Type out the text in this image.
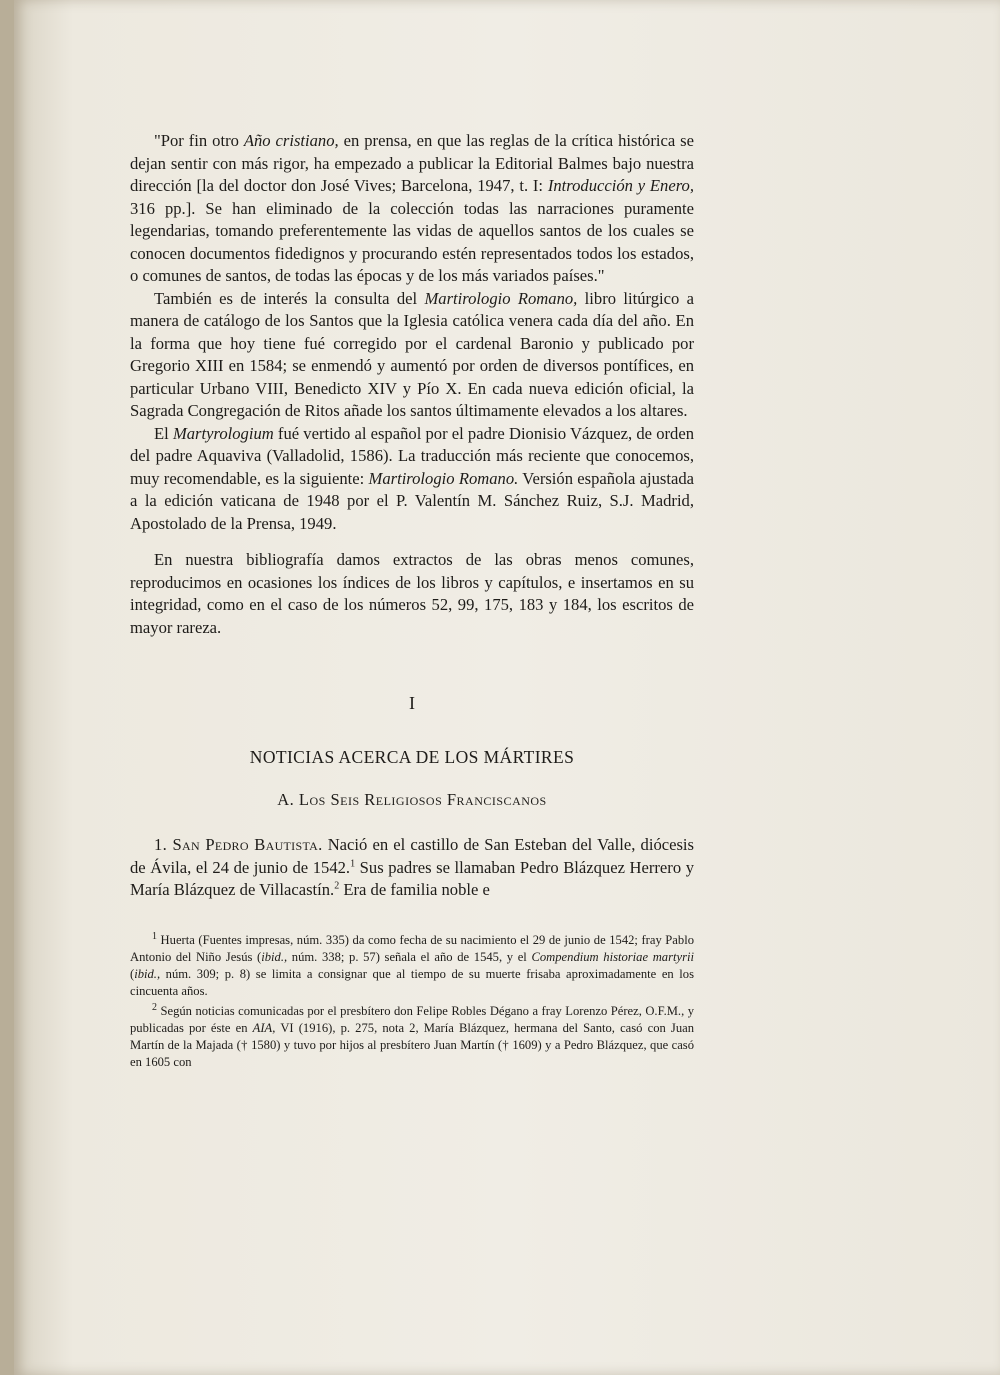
"Por fin otro Año cristiano, en prensa, en que las reglas de la crítica histórica se dejan sentir con más rigor, ha empezado a publicar la Editorial Balmes bajo nuestra dirección [la del doctor don José Vives; Barcelona, 1947, t. I: Introducción y Enero, 316 pp.]. Se han eliminado de la colección todas las narraciones puramente legendarias, tomando preferentemente las vidas de aquellos santos de los cuales se conocen documentos fidedignos y procurando estén representados todos los estados, o comunes de santos, de todas las épocas y de los más variados países."

También es de interés la consulta del Martirologio Romano, libro litúrgico a manera de catálogo de los Santos que la Iglesia católica venera cada día del año. En la forma que hoy tiene fué corregido por el cardenal Baronio y publicado por Gregorio XIII en 1584; se enmendó y aumentó por orden de diversos pontífices, en particular Urbano VIII, Benedicto XIV y Pío X. En cada nueva edición oficial, la Sagrada Congregación de Ritos añade los santos últimamente elevados a los altares.

El Martyrologium fué vertido al español por el padre Dionisio Vázquez, de orden del padre Aquaviva (Valladolid, 1586). La traducción más reciente que conocemos, muy recomendable, es la siguiente: Martirologio Romano. Versión española ajustada a la edición vaticana de 1948 por el P. Valentín M. Sánchez Ruiz, S.J. Madrid, Apostolado de la Prensa, 1949.

En nuestra bibliografía damos extractos de las obras menos comunes, reproducimos en ocasiones los índices de los libros y capítulos, e insertamos en su integridad, como en el caso de los números 52, 99, 175, 183 y 184, los escritos de mayor rareza.

I
NOTICIAS ACERCA DE LOS MÁRTIRES
A. Los Seis Religiosos Franciscanos

1. San Pedro Bautista. Nació en el castillo de San Esteban del Valle, diócesis de Ávila, el 24 de junio de 1542.$^1$ Sus padres se llamaban Pedro Blázquez Herrero y María Blázquez de Villacastín.$^2$ Era de familia noble e

$^1$ Huerta (Fuentes impresas, núm. 335) da como fecha de su nacimiento el 29 de junio de 1542; fray Pablo Antonio del Niño Jesús (ibid., núm. 338; p. 57) señala el año de 1545, y el Compendium historiae martyrii (ibid., núm. 309; p. 8) se limita a consignar que al tiempo de su muerte frisaba aproximadamente en los cincuenta años.

$^2$ Según noticias comunicadas por el presbítero don Felipe Robles Dégano a fray Lorenzo Pérez, O.F.M., y publicadas por éste en AIA, VI (1916), p. 275, nota 2, María Blázquez, hermana del Santo, casó con Juan Martín de la Majada († 1580) y tuvo por hijos al presbítero Juan Martín († 1609) y a Pedro Blázquez, que casó en 1605 con
